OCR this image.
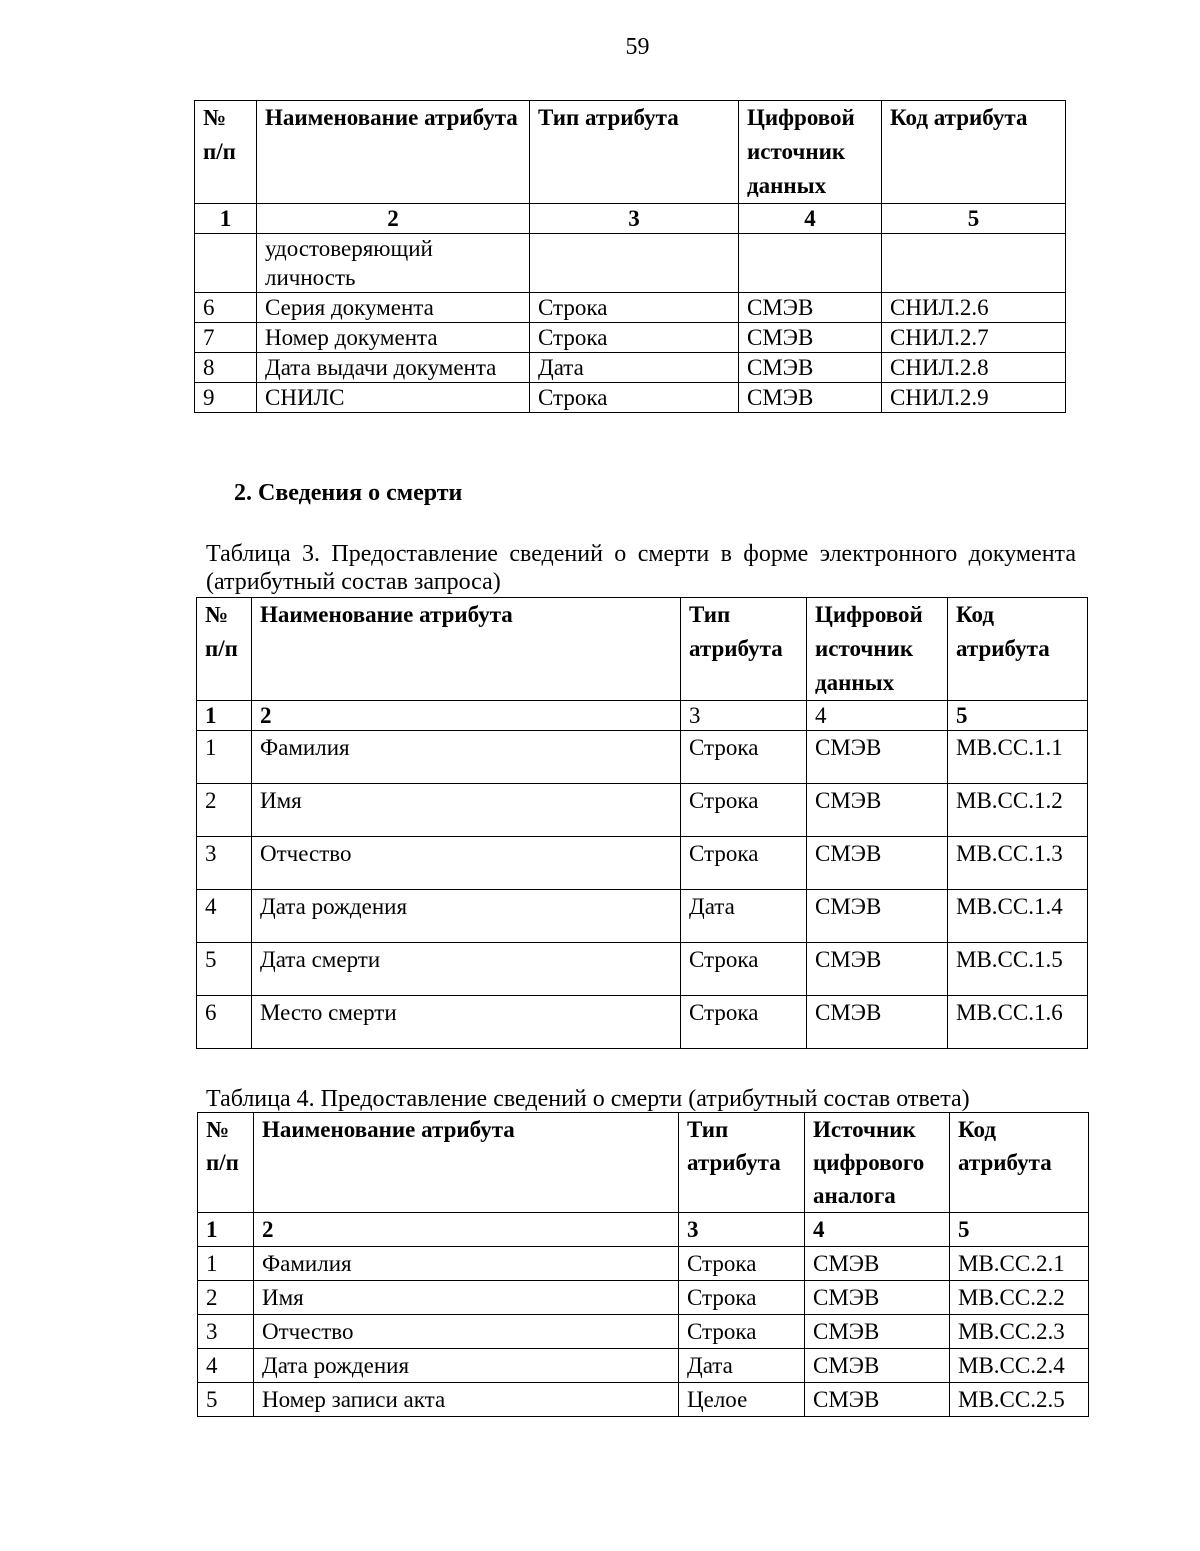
59
№ п/п	Наименование атрибута	Тип атрибута	Цифровой источник данных	Код атрибута
1	2	3	4	5
	удостоверяющий личность			
6	Серия документа	Строка	СМЭВ	СНИЛ.2.6
7	Номер документа	Строка	СМЭВ	СНИЛ.2.7
8	Дата выдачи документа	Дата	СМЭВ	СНИЛ.2.8
9	СНИЛС	Строка	СМЭВ	СНИЛ.2.9
2. Сведения о смерти
Таблица 3. Предоставление сведений о смерти в форме электронного документа (атрибутный состав запроса)
№ п/п	Наименование атрибута	Тип атрибута	Цифровой источник данных	Код атрибута
1	2	3	4	5
1	Фамилия	Строка	СМЭВ	МВ.СС.1.1
2	Имя	Строка	СМЭВ	МВ.СС.1.2
3	Отчество	Строка	СМЭВ	МВ.СС.1.3
4	Дата рождения	Дата	СМЭВ	МВ.СС.1.4
5	Дата смерти	Строка	СМЭВ	МВ.СС.1.5
6	Место смерти	Строка	СМЭВ	МВ.СС.1.6
Таблица 4. Предоставление сведений о смерти (атрибутный состав ответа)
№ п/п	Наименование атрибута	Тип атрибута	Источник цифрового аналога	Код атрибута
1	2	3	4	5
1	Фамилия	Строка	СМЭВ	МВ.СС.2.1
2	Имя	Строка	СМЭВ	МВ.СС.2.2
3	Отчество	Строка	СМЭВ	МВ.СС.2.3
4	Дата рождения	Дата	СМЭВ	МВ.СС.2.4
5	Номер записи акта	Целое	СМЭВ	МВ.СС.2.5
